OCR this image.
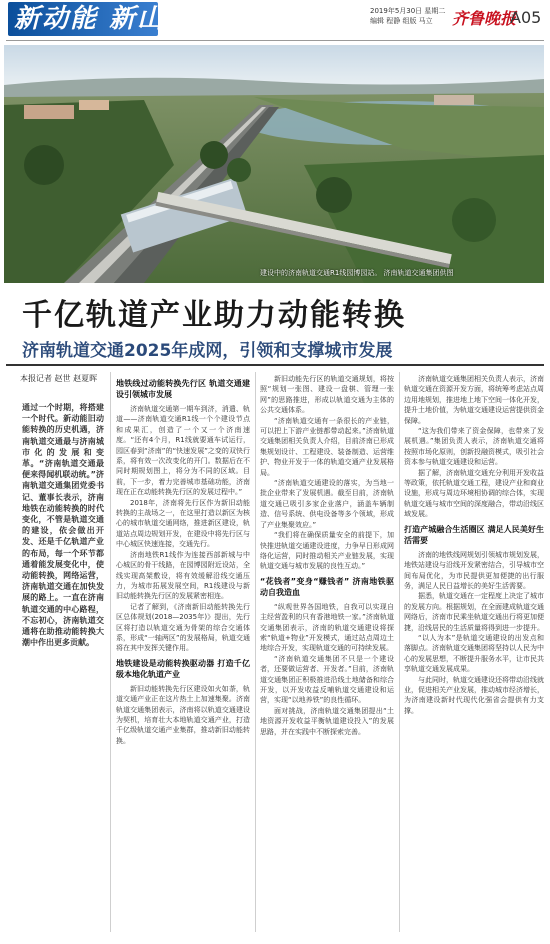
新动能 新山东	2019年5月30日 星期二
编辑 程静 组版 马立	齐鲁晚报
A05
建设中的济南轨道交通R1线园博园站。 济南轨道交通集团供图
千亿轨道产业助力动能转换
济南轨道交通2025年成网，引领和支撑城市发展
本报记者 赵世 赵夏晖
通过一个时期，将搭建一个时代。新动能旧动能转换的历史机遇，济南轨道交通最与济南城市化的发展和变革。“济南轨道交通最便来得闻机联动统。”济南轨道交通集团党委书记、董事长表示，济南地铁在动能转换的时代变化，不管是轨道交通的建设，依会做出开发、还是千亿轨道产业的布局，每一个环节都通着能发展变化中，使动能转换，网络运营，济南轨道交通在加快发展的路上。一直在济南轨道交通的中心路程，不忘初心，济南轨道交通将在助推动能转换大潮中作出更多贡献。
地铁线过动能转换先行区 轨道交通建设引领城市发展

济南轨道交通第一期车到济，消遣、轨道——济南轨道交通R1线一个个建设节点和成果汇，创造了一个又一个济南速度。“还有4个月，R1线就要通车试运行，园区春到“济南”的“快速发展”之变的双快行系，将有效一次改变化的开门。数据后在不同时期规划图上，将分为不同的区域。目前，下一步，着力完善城市基础功能，济南现在正在动能转换先行区的发展过程中。”

2018年，济南将先行区作为新旧动能转换的主战场之一，在这里打造以新区为核心的城市轨道交通网络，推进新区建设，轨道站点周边规划开发，在建设中将先行区与中心城区快速连接，交通先行。

济南地铁R1线作为连接西部新城与中心城区的骨干线路，在园博园附近设站，全线实现高架敷设，将有效缓解沿线交通压力，为城市拓展发展空间，R1线建设与新旧动能转换先行区的发展紧密相连。

记者了解到，《济南新旧动能转换先行区总体规划(2018—2035年)》提出，先行区将打造以轨道交通为骨架的综合交通体系，形成“一轴两区”的发展格局，轨道交通将在其中发挥关键作用。

地铁建设是动能转换驱动器 打造千亿级本地化轨道产业

新旧动能转换先行区建设如火如荼，轨道交通产业正在这片热土上加速集聚。济南轨道交通集团表示，济南将以轨道交通建设为契机，培育壮大本地轨道交通产业，打造千亿级轨道交通产业集群，推动新旧动能转换。

新旧动能先行区的轨道交通规划，将按照“规划一张图、建设一盘棋、管理一张网”的思路推进，形成以轨道交通为主体的公共交通体系。

“济南轨道交通有一条很长的产业链，可以把上下游产业链都带动起来。”济南轨道交通集团相关负责人介绍，目前济南已形成集规划设计、工程建设、装备制造、运营维护、物业开发于一体的轨道交通产业发展格局。

“济南轨道交通建设的落实，为当地一批企业带来了发展机遇。截至目前，济南轨道交通已吸引多家企业落户，涵盖车辆制造、信号系统、供电设备等多个领域，形成了产业集聚效应。”

“我们将在确保质量安全的前提下，加快推进轨道交通建设进度，力争早日形成网络化运营，同时推动相关产业链发展，实现轨道交通与城市发展的良性互动。”

“花钱者”变身“赚钱者” 济南地铁驱动自我造血

“纵观世界各国地铁，自我可以实现自主经营盈利的只有香港地铁一家。”济南轨道交通集团表示，济南的轨道交通建设将探索“轨道+物业”开发模式，通过站点周边土地综合开发，实现轨道交通的可持续发展。

“济南轨道交通集团不只是一个建设者，还要做运营者、开发者。”目前，济南轨道交通集团正积极推进沿线土地储备和综合开发，以开发收益反哺轨道交通建设和运营，实现“以地养铁”的良性循环。

面对挑战，济南轨道交通集团提出“土地资源开发收益平衡轨道建设投入”的发展思路，并在实践中不断探索完善。

济南轨道交通集团相关负责人表示，济南轨道交通在资源开发方面，将统筹考虑站点周边用地规划，推进地上地下空间一体化开发，提升土地价值，为轨道交通建设运营提供资金保障。

“这为我们带来了资金保障，也带来了发展机遇。”集团负责人表示，济南轨道交通将按照市场化原则，创新投融资模式，吸引社会资本参与轨道交通建设和运营。

据了解，济南轨道交通充分利用开发收益等政策，依托轨道交通工程，建设产业和商业设施，形成与周边环境相协调的综合体，实现轨道交通与城市空间的深度融合，带动沿线区域发展。

打造产城融合生活圈区 满足人民美好生活需要

济南的地铁线网规划引领城市规划发展，地铁站建设与沿线开发紧密结合，引导城市空间布局优化，为市民提供更加便捷的出行服务，满足人民日益增长的美好生活需要。

据悉，轨道交通在一定程度上决定了城市的发展方向。根据规划，在全面建成轨道交通网络后，济南市民乘坐轨道交通出行将更加便捷，沿线居民的生活质量将得到进一步提升。

“以人为本”是轨道交通建设的出发点和落脚点。济南轨道交通集团将坚持以人民为中心的发展思想，不断提升服务水平，让市民共享轨道交通发展成果。

与此同时，轨道交通建设还将带动沿线就业，促进相关产业发展，推动城市经济增长，为济南建设新时代现代化强省会提供有力支撑。
